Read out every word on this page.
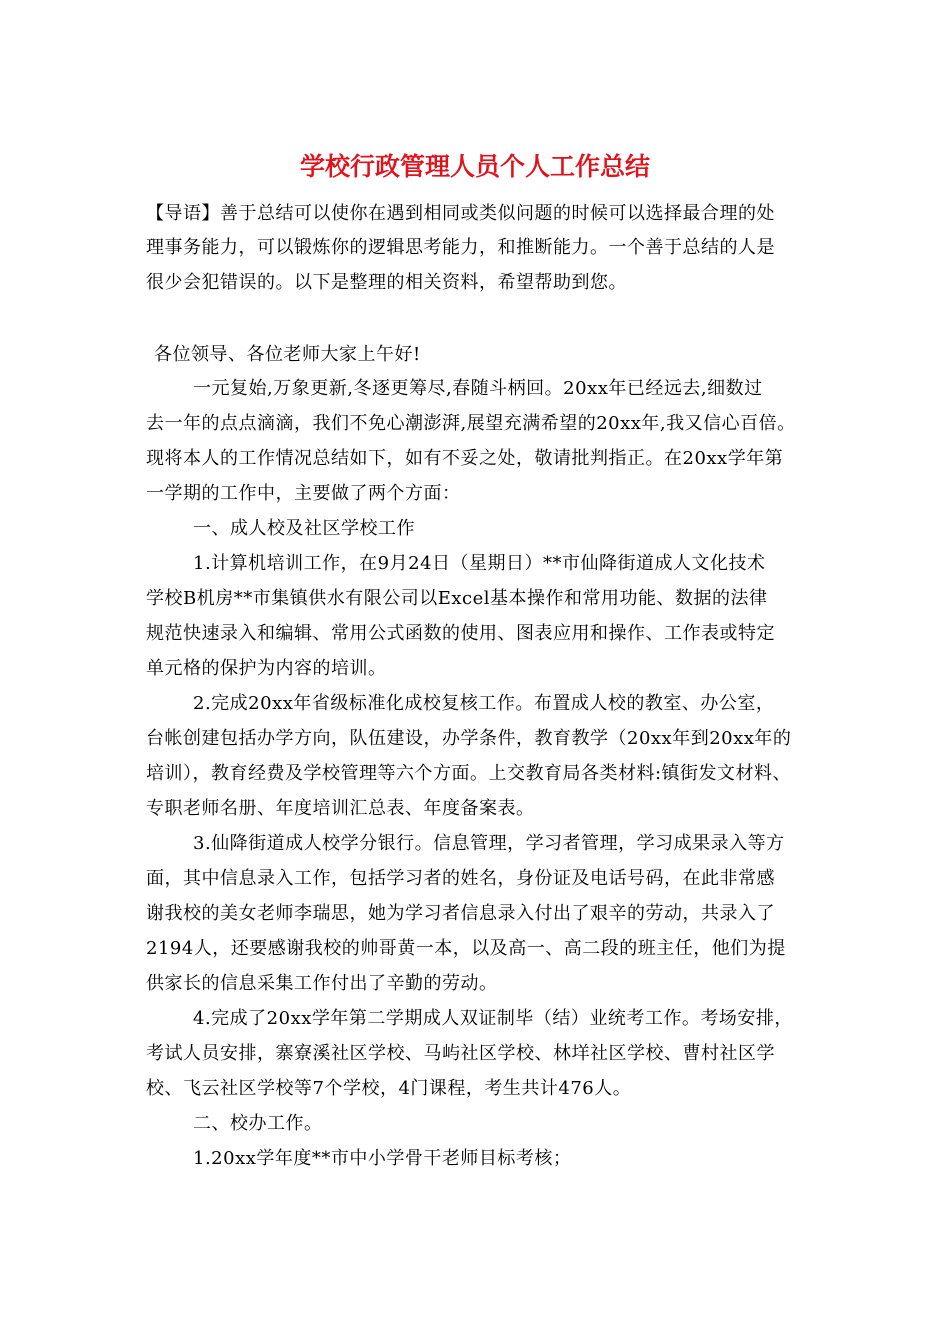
学校行政管理人员个人工作总结
【导语】善于总结可以使你在遇到相同或类似问题的时候可以选择最合理的处
理事务能力，可以锻炼你的逻辑思考能力，和推断能力。一个善于总结的人是
很少会犯错误的。以下是整理的相关资料，希望帮助到您。
各位领导、各位老师大家上午好!
一元复始,万象更新,冬逐更筹尽,春随斗柄回。20xx年已经远去,细数过
去一年的点点滴滴，我们不免心潮澎湃,展望充满希望的20xx年,我又信心百倍。
现将本人的工作情况总结如下，如有不妥之处，敬请批判指正。在20xx学年第
一学期的工作中，主要做了两个方面：
一、成人校及社区学校工作
1.计算机培训工作，在9月24日（星期日）**市仙降街道成人文化技术
学校B机房**市集镇供水有限公司以Excel基本操作和常用功能、数据的法律
规范快速录入和编辑、常用公式函数的使用、图表应用和操作、工作表或特定
单元格的保护为内容的培训。
2.完成20xx年省级标准化成校复核工作。布置成人校的教室、办公室，
台帐创建包括办学方向，队伍建设，办学条件，教育教学（20xx年到20xx年的
培训），教育经费及学校管理等六个方面。上交教育局各类材料:镇街发文材料、
专职老师名册、年度培训汇总表、年度备案表。
3.仙降街道成人校学分银行。信息管理，学习者管理，学习成果录入等方
面，其中信息录入工作，包括学习者的姓名，身份证及电话号码，在此非常感
谢我校的美女老师李瑞思，她为学习者信息录入付出了艰辛的劳动，共录入了
2194人，还要感谢我校的帅哥黄一本，以及高一、高二段的班主任，他们为提
供家长的信息采集工作付出了辛勤的劳动。
4.完成了20xx学年第二学期成人双证制毕（结）业统考工作。考场安排，
考试人员安排，寨寮溪社区学校、马屿社区学校、林垟社区学校、曹村社区学
校、飞云社区学校等7个学校，4门课程，考生共计476人。
二、校办工作。
1.20xx学年度**市中小学骨干老师目标考核；
